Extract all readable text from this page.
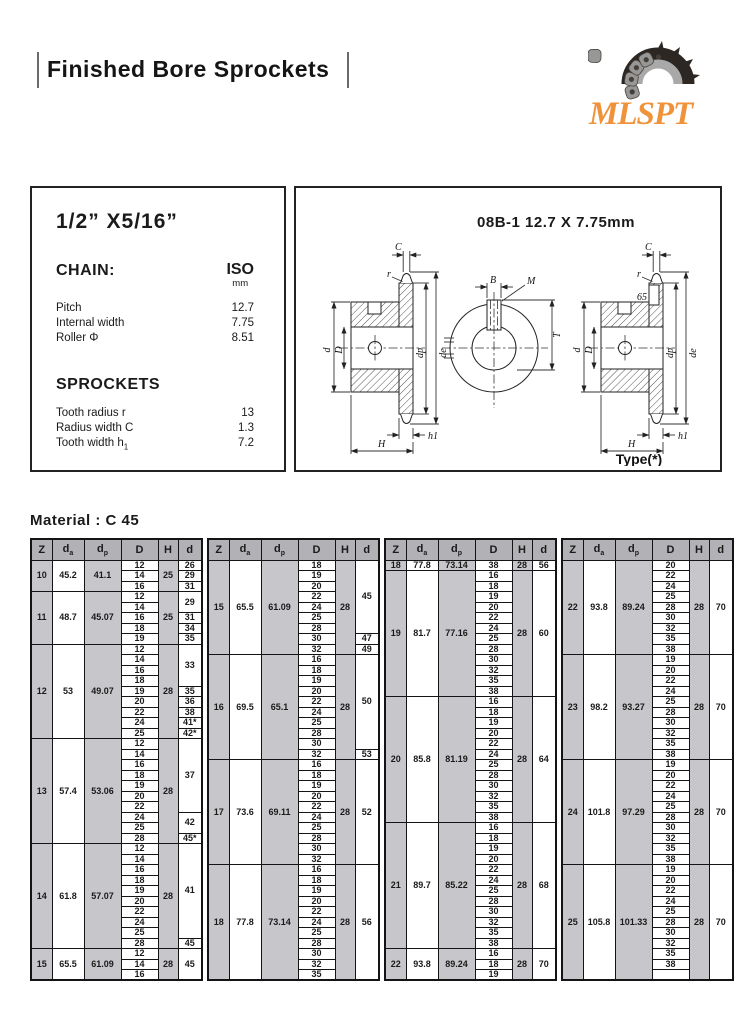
Finished Bore Sprockets
MLSPT
1/2” X5/16”
CHAIN:	ISO
mm
Pitch	12.7
Internal width	7.75
Roller Φ	8.51
SPROCKETS
Tooth radius r	13
Radius width C	1.3
Tooth width $h_1$	7.2
08B-1 12.7 X 7.75mm
C
r
d D	dp de
h1
H
B	M
T
65
C
r
d D	dp de
h1
H
Type(*)
Material : C 45
Z	$d_a$	$d_p$	D	H	d
10	45.2	41.1	12	25	26
			14		29
			16		31
11	48.7	45.07	12	25	29
			14		
			16		31
			18		34
			19		35
12	53	49.07	12	28	33
			14		
			16		
			18		
			19		35
			20		36
			22		38
			24		41*
			25		42*
13	57.4	53.06	12	28	37
			14		
			16		
			18		
			19		
			20		
			22		
			24		42
			25		
			28		45*
14	61.8	57.07	12	28	41
			14		
			16		
			18		
			19		
			20		
			22		
			24		
			25		
			28		45
15	65.5	61.09	12	28	45
			14		
			16		
Z	$d_a$	$d_p$	D	H	d
15	65.5	61.09	18	28	45
			19		
			20		
			22		
			24		
			25		
			28		
			30		47
			32		49
16	69.5	65.1	16	28	50
			18		
			19		
			20		
			22		
			24		
			25		
			28		
			30		
			32		53
17	73.6	69.11	16	28	52
			18		
			19		
			20		
			22		
			24		
			25		
			28		
			30		
			32		
18	77.8	73.14	16	28	56
			18		
			19		
			20		
			22		
			24		
			25		
			28		
			30		
			32		
			35		
Z	$d_a$	$d_p$	D	H	d
18	77.8	73.14	38	28	56
19	81.7	77.16	16	28	60
			18		
			19		
			20		
			22		
			24		
			25		
			28		
			30		
			32		
			35		
			38		
20	85.8	81.19	16	28	64
			18		
			19		
			20		
			22		
			24		
			25		
			28		
			30		
			32		
			35		
			38		
21	89.7	85.22	16	28	68
			18		
			19		
			20		
			22		
			24		
			25		
			28		
			30		
			32		
			35		
			38		
22	93.8	89.24	16	28	70
			18		
			19		
Z	$d_a$	$d_p$	D	H	d
22	93.8	89.24	20	28	70
			22		
			24		
			25		
			28		
			30		
			32		
			35		
			38		
23	98.2	93.27	19	28	70
			20		
			22		
			24		
			25		
			28		
			30		
			32		
			35		
			38		
24	101.8	97.29	19	28	70
			20		
			22		
			24		
			25		
			28		
			30		
			32		
			35		
			38		
25	105.8	101.33	19	28	70
			20		
			22		
			24		
			25		
			28		
			30		
			32		
			35		
			38		
